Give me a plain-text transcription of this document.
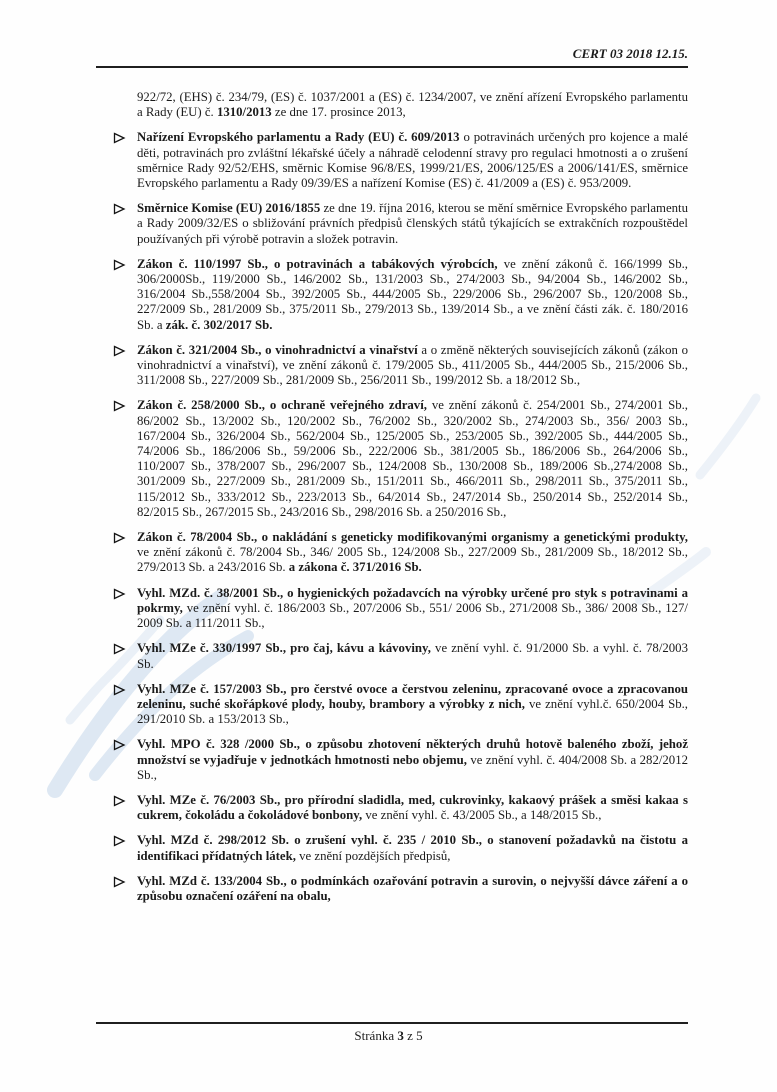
CERT 03 2018 12.15.

922/72, (EHS) č. 234/79, (ES) č. 1037/2001 a (ES) č. 1234/2007, ve znění ařízení Evropského parlamentu a Rady (EU) č. 1310/2013 ze dne 17. prosince 2013,

Nařízení Evropského parlamentu a Rady (EU) č. 609/2013 o potravinách určených pro kojence a malé děti, potravinách pro zvláštní lékařské účely a náhradě celodenní stravy pro regulaci hmotnosti a o zrušení směrnice Rady 92/52/EHS, směrnic Komise 96/8/ES, 1999/21/ES, 2006/125/ES a 2006/141/ES, směrnice Evropského parlamentu a Rady 09/39/ES a nařízení Komise (ES) č. 41/2009 a (ES) č. 953/2009.
Směrnice Komise (EU) 2016/1855 ze dne 19. října 2016, kterou se mění směrnice Evropského parlamentu a Rady 2009/32/ES o sbližování právních předpisů členských států týkajících se extrakčních rozpouštědel používaných při výrobě potravin a složek potravin.
Zákon č. 110/1997 Sb., o potravinách a tabákových výrobcích, ve znění zákonů č. 166/1999 Sb., 306/2000Sb., 119/2000 Sb., 146/2002 Sb., 131/2003 Sb., 274/2003 Sb., 94/2004 Sb., 146/2002 Sb., 316/2004 Sb.,558/2004 Sb., 392/2005 Sb., 444/2005 Sb., 229/2006 Sb., 296/2007 Sb., 120/2008 Sb., 227/2009 Sb., 281/2009 Sb., 375/2011 Sb., 279/2013 Sb., 139/2014 Sb., a ve znění části zák. č. 180/2016 Sb. a zák. č. 302/2017 Sb.
Zákon č. 321/2004 Sb., o vinohradnictví a vinařství a o změně některých souvisejících zákonů (zákon o vinohradnictví a vinařství), ve znění zákonů č. 179/2005 Sb., 411/2005 Sb., 444/2005 Sb., 215/2006 Sb., 311/2008 Sb., 227/2009 Sb., 281/2009 Sb., 256/2011 Sb., 199/2012 Sb. a 18/2012 Sb.,
Zákon č. 258/2000 Sb., o ochraně veřejného zdraví, ve znění zákonů č. 254/2001 Sb., 274/2001 Sb., 86/2002 Sb., 13/2002 Sb., 120/2002 Sb., 76/2002 Sb., 320/2002 Sb., 274/2003 Sb., 356/ 2003 Sb., 167/2004 Sb., 326/2004 Sb., 562/2004 Sb., 125/2005 Sb., 253/2005 Sb., 392/2005 Sb., 444/2005 Sb., 74/2006 Sb., 186/2006 Sb., 59/2006 Sb., 222/2006 Sb., 381/2005 Sb., 186/2006 Sb., 264/2006 Sb., 110/2007 Sb., 378/2007 Sb., 296/2007 Sb., 124/2008 Sb., 130/2008 Sb., 189/2006 Sb.,274/2008 Sb., 301/2009 Sb., 227/2009 Sb., 281/2009 Sb., 151/2011 Sb., 466/2011 Sb., 298/2011 Sb., 375/2011 Sb., 115/2012 Sb., 333/2012 Sb., 223/2013 Sb., 64/2014 Sb., 247/2014 Sb., 250/2014 Sb., 252/2014 Sb., 82/2015 Sb., 267/2015 Sb., 243/2016 Sb., 298/2016 Sb. a 250/2016 Sb.,
Zákon č. 78/2004 Sb., o nakládání s geneticky modifikovanými organismy a genetickými produkty, ve znění zákonů č. 78/2004 Sb., 346/ 2005 Sb., 124/2008 Sb., 227/2009 Sb., 281/2009 Sb., 18/2012 Sb., 279/2013 Sb. a 243/2016 Sb. a zákona č. 371/2016 Sb.
Vyhl. MZd. č. 38/2001 Sb., o hygienických požadavcích na výrobky určené pro styk s potravinami a pokrmy, ve znění vyhl. č. 186/2003 Sb., 207/2006 Sb., 551/ 2006 Sb., 271/2008 Sb., 386/ 2008 Sb., 127/ 2009 Sb. a 111/2011 Sb.,
Vyhl. MZe č. 330/1997 Sb., pro čaj, kávu a kávoviny, ve znění vyhl. č. 91/2000 Sb. a vyhl. č. 78/2003 Sb.
Vyhl. MZe č. 157/2003 Sb., pro čerstvé ovoce a čerstvou zeleninu, zpracované ovoce a zpracovanou zeleninu, suché skořápkové plody, houby, brambory a výrobky z nich, ve znění vyhl.č. 650/2004 Sb., 291/2010 Sb. a 153/2013 Sb.,
Vyhl. MPO č. 328 /2000 Sb., o způsobu zhotovení některých druhů hotově baleného zboží, jehož množství se vyjadřuje v jednotkách hmotnosti nebo objemu, ve znění vyhl. č. 404/2008 Sb. a 282/2012 Sb.,
Vyhl. MZe č. 76/2003 Sb., pro přírodní sladidla, med, cukrovinky, kakaový prášek a směsi kakaa s cukrem, čokoládu a čokoládové bonbony, ve znění vyhl. č. 43/2005 Sb., a 148/2015 Sb.,
Vyhl. MZd č. 298/2012 Sb. o zrušení vyhl. č. 235 / 2010 Sb., o stanovení požadavků na čistotu a identifikaci přídatných látek, ve znění pozdějších předpisů,
Vyhl. MZd č. 133/2004 Sb., o podmínkách ozařování potravin a surovin, o nejvyšší dávce záření a o způsobu označení ozáření na obalu,
Stránka 3 z 5
